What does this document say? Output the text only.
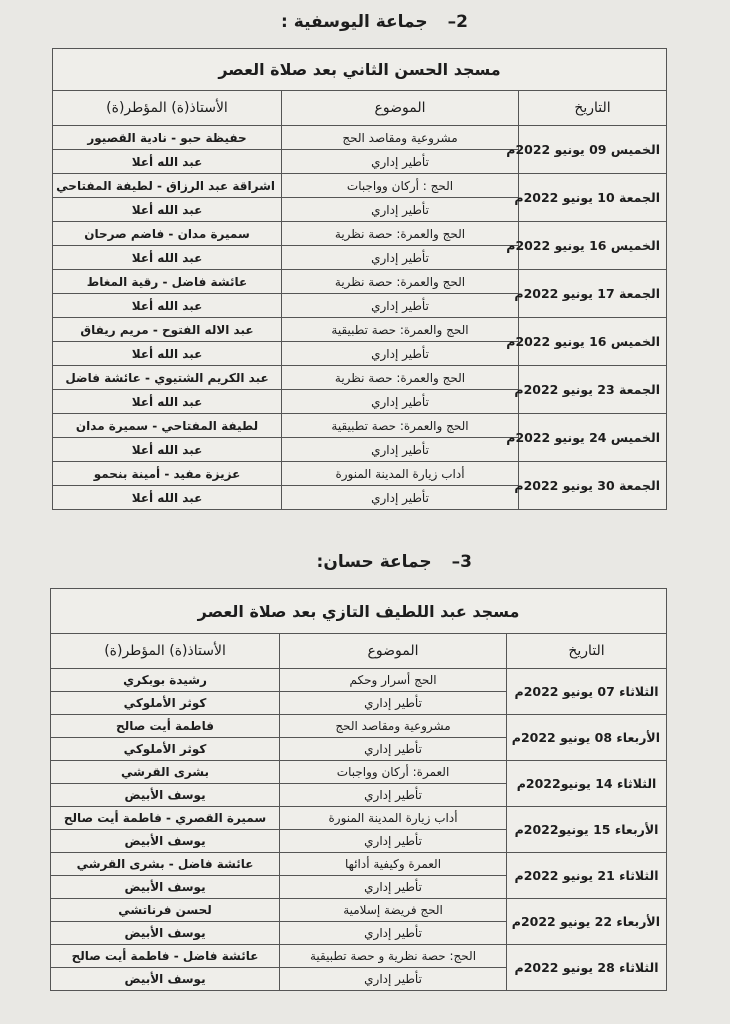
2–جماعة اليوسفية :
مسجد الحسن الثاني بعد صلاة العصر		
التاريخ	الموضوع	الأستاذ(ة) المؤطر(ة)
الخميس 09 يونيو 2022م	مشروعية ومقاصد الحج	حفيظة حبو - نادية القصيور
	تأطير إداري	عبد الله أعلا
الجمعة 10 يونيو 2022م	الحج : أركان وواجبات	اشراقة عبد الرزاق - لطيفة المفتاحي
	تأطير إداري	عبد الله أعلا
الخميس 16 يونيو 2022م	الحج والعمرة: حصة نظرية	سميرة مدان - فاضم صرحان
	تأطير إداري	عبد الله أعلا
الجمعة 17 يونيو 2022م	الحج والعمرة: حصة نظرية	عائشة فاضل - رقية المغاط
	تأطير إداري	عبد الله أعلا
الخميس 16 يونيو 2022م	الحج والعمرة: حصة تطبيقية	عبد الاله الفتوح - مريم ريفاق
	تأطير إداري	عبد الله أعلا
الجمعة 23 يونيو 2022م	الحج والعمرة: حصة نظرية	عبد الكريم الشتيوي - عائشة فاضل
	تأطير إداري	عبد الله أعلا
الخميس 24 يونيو 2022م	الحج والعمرة: حصة تطبيقية	لطيفة المفتاحي - سميرة مدان
	تأطير إداري	عبد الله أعلا
الجمعة 30 يونيو 2022م	أداب زيارة المدينة المنورة	عزيزة مفيد - أمينة بنحمو
	تأطير إداري	عبد الله أعلا
3–جماعة حسان:
مسجد عبد اللطيف التازي بعد صلاة العصر		
التاريخ	الموضوع	الأستاذ(ة) المؤطر(ة)
الثلاثاء 07 يونيو 2022م	الحج أسرار وحكم	رشيدة بوبكري
	تأطير إداري	كوثر الأملوكي
الأربعاء 08 يونيو 2022م	مشروعية ومقاصد الحج	فاطمة أيت صالح
	تأطير إداري	كوثر الأملوكي
الثلاثاء 14 يونيو2022م	العمرة: أركان وواجبات	بشرى القرشي
	تأطير إداري	يوسف الأبيض
الأربعاء 15 يونيو2022م	أداب زيارة المدينة المنورة	سميرة القصري - فاطمة أيت صالح
	تأطير إداري	يوسف الأبيض
الثلاثاء 21 يونيو 2022م	العمرة وكيفية أدائها	عائشة فاضل - بشرى القرشي
	تأطير إداري	يوسف الأبيض
الأربعاء 22 يونيو 2022م	الحج فريضة إسلامية	لحسن فرناتشي
	تأطير إداري	يوسف الأبيض
الثلاثاء 28 يونيو 2022م	الحج: حصة نظرية و حصة تطبيقية	عائشة فاضل - فاطمة أيت صالح
	تأطير إداري	يوسف الأبيض
